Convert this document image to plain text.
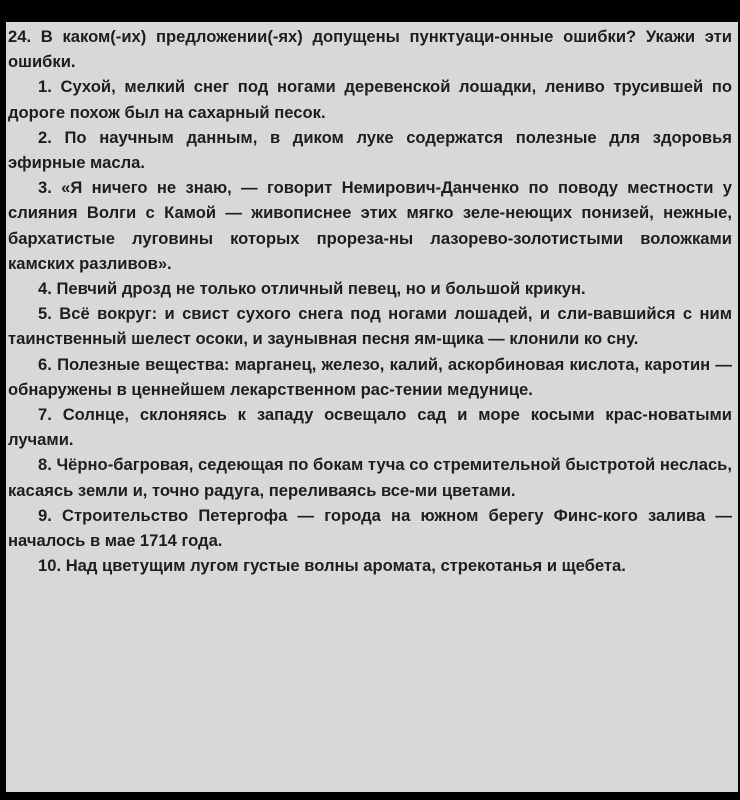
24. В каком(-их) предложении(-ях) допущены пунктуаци-онные ошибки? Укажи эти ошибки.

1. Сухой, мелкий снег под ногами деревенской лошадки, лениво трусившей по дороге похож был на сахарный песок.

2. По научным данным, в диком луке содержатся полезные для здоровья эфирные масла.

3. «Я ничего не знаю, — говорит Немирович-Данченко по поводу местности у слияния Волги с Камой — живописнее этих мягко зеле-неющих понизей, нежные, бархатистые луговины которых прореза-ны лазорево-золотистыми воложками камских разливов».

4. Певчий дрозд не только отличный певец, но и большой крикун.

5. Всё вокруг: и свист сухого снега под ногами лошадей, и сли-вавшийся с ним таинственный шелест осоки, и заунывная песня ям-щика — клонили ко сну.

6. Полезные вещества: марганец, железо, калий, аскорбиновая кислота, каротин — обнаружены в ценнейшем лекарственном рас-тении медунице.

7. Солнце, склоняясь к западу освещало сад и море косыми крас-новатыми лучами.

8. Чёрно-багровая, седеющая по бокам туча со стремительной быстротой неслась, касаясь земли и, точно радуга, переливаясь все-ми цветами.

9. Строительство Петергофа — города на южном берегу Финс-кого залива — началось в мае 1714 года.

10. Над цветущим лугом густые волны аромата, стрекотанья и щебета.
